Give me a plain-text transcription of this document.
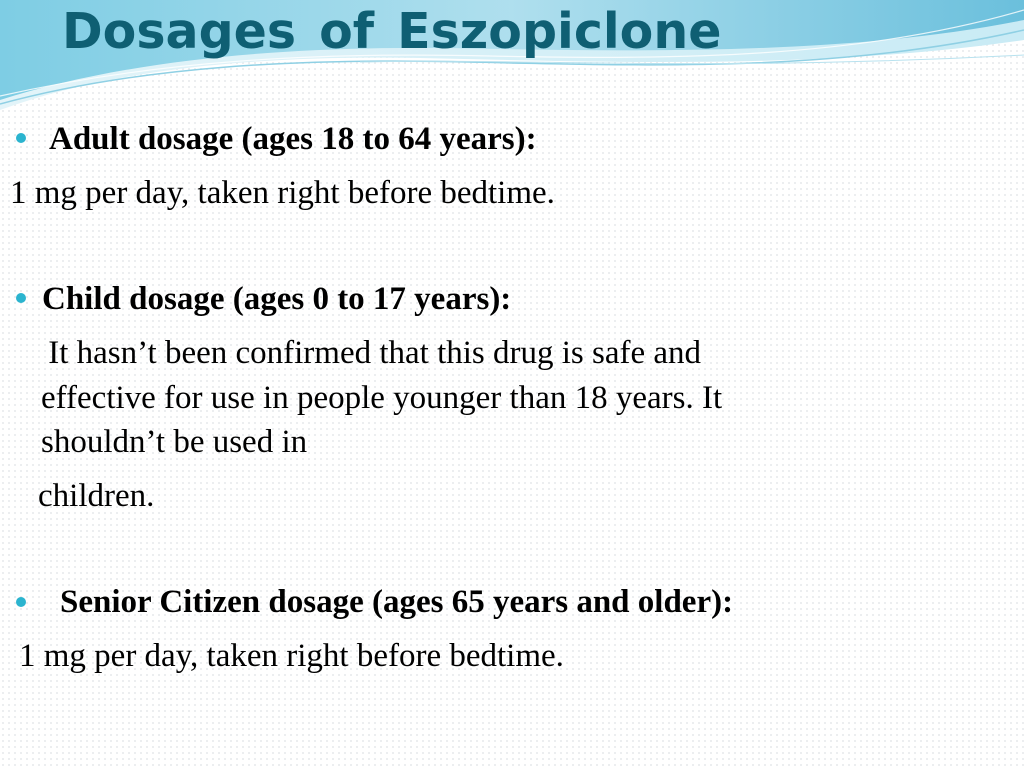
Dosages of Eszopiclone

Adult dosage (ages 18 to 64 years):

1 mg per day, taken right before bedtime.

Child dosage (ages 0 to 17 years):

It hasn’t been confirmed that this drug is safe and

effective for use in people younger than 18 years. It

shouldn’t be used in

children.

Senior Citizen dosage (ages 65 years and older):

1 mg per day, taken right before bedtime.
